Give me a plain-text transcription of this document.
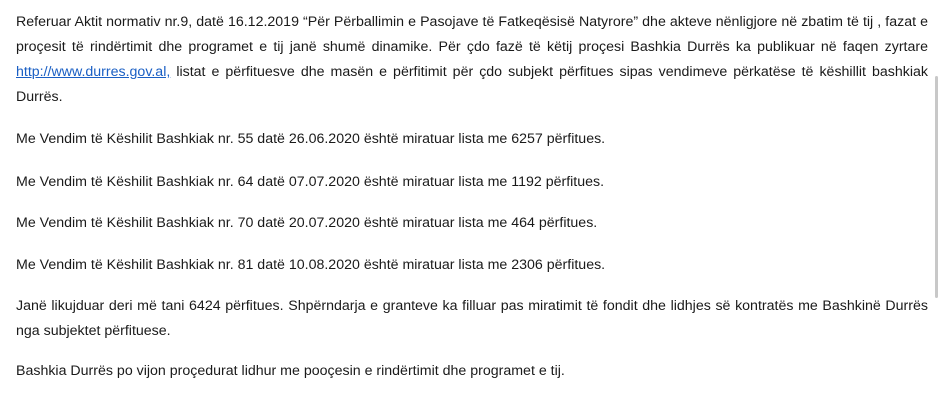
Referuar Aktit normativ nr.9, datë 16.12.2019 “Për Përballimin e Pasojave të Fatkeqësisë Natyrore” dhe akteve nënligjore në zbatim të tij , fazat e proçesit të rindërtimit dhe programet e tij janë shumë dinamike. Për çdo fazë të këtij proçesi Bashkia Durrës ka publikuar në faqen zyrtare http://www.durres.gov.al, listat e përfituesve dhe masën e përfitimit për çdo subjekt përfitues sipas vendimeve përkatëse të këshillit bashkiak Durrës.

Me Vendim të Këshilit Bashkiak nr. 55 datë 26.06.2020 është miratuar lista me 6257 përfitues.

Me Vendim të Këshilit Bashkiak nr. 64 datë 07.07.2020 është miratuar lista me 1192 përfitues.

Me Vendim të Këshilit Bashkiak nr. 70 datë 20.07.2020 është miratuar lista me 464 përfitues.

Me Vendim të Këshilit Bashkiak nr. 81 datë 10.08.2020 është miratuar lista me 2306 përfitues.

Janë likujduar deri më tani 6424 përfitues. Shpërndarja e granteve ka filluar pas miratimit të fondit dhe lidhjes së kontratës me Bashkinë Durrës nga subjektet përfituese.

Bashkia Durrës po vijon proçedurat lidhur me pooçesin e rindërtimit dhe programet e tij.
